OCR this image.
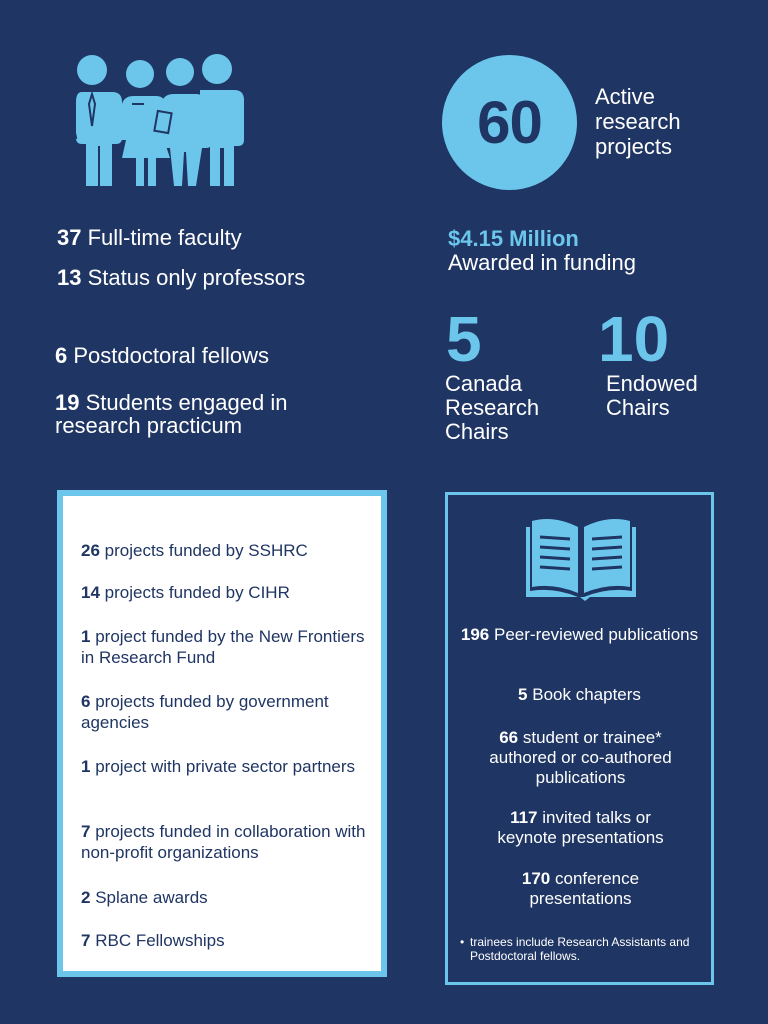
60	Active research projects
37 Full-time faculty
13 Status only professors
6 Postdoctoral fellows
19 Students engaged in research practicum
$4.15 Million
Awarded in funding
5 10
Canada Research Chairs
Endowed Chairs
26 projects funded by SSHRC
14 projects funded by CIHR
1 project funded by the New Frontiers in Research Fund
6 projects funded by government agencies
1 project with private sector partners
7 projects funded in collaboration with non-profit organizations
2 Splane awards
7 RBC Fellowships
196 Peer-reviewed publications
5 Book chapters
66 student or trainee* authored or co-authored publications
117 invited talks or keynote presentations
170 conference presentations
• trainees include Research Assistants and Postdoctoral fellows.
